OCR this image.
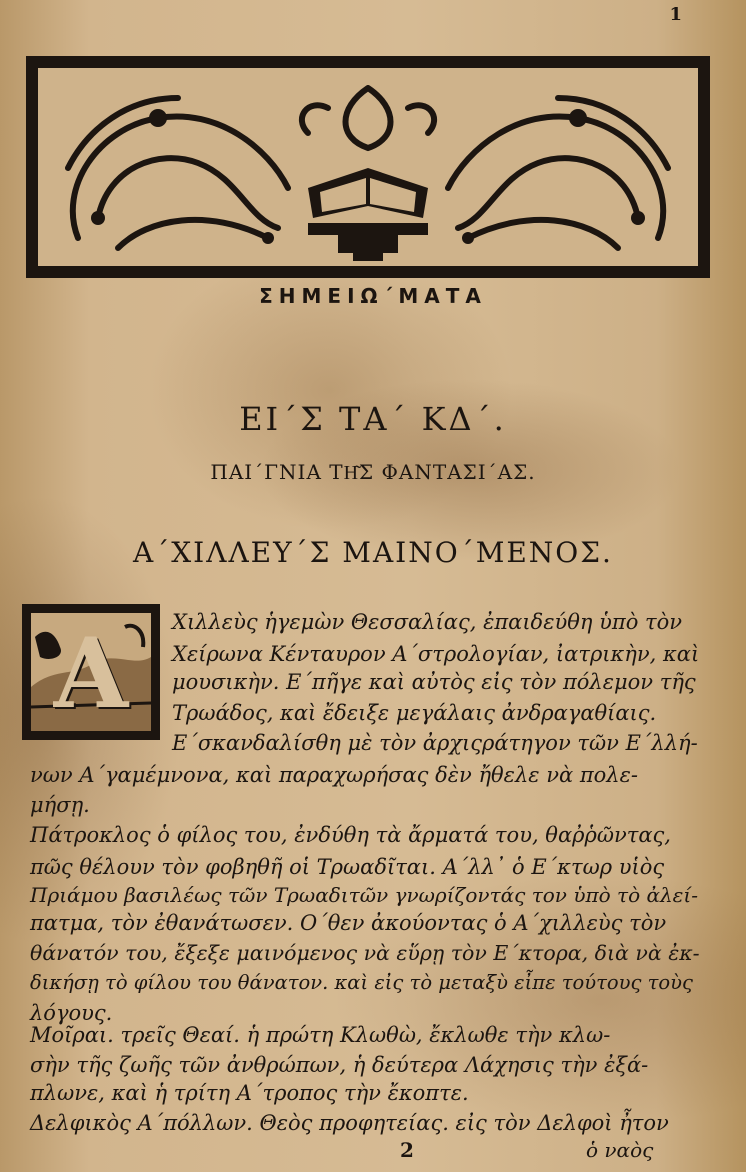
1
ΣΗΜΕΙΩ΄ΜΑΤΑ
ΕΙ΄Σ ΤΑ΄ ΚΔ΄.
ΠΑΙ΄ΓΝΙΑ ΤΗ͂Σ ΦΑΝΤΑΣΙ΄ΑΣ.
Α΄ΧΙΛΛΕΥ΄Σ ΜΑΙΝΟ΄ΜΕΝΟΣ.
A	Χιλλεὺς ἡγεμὼν Θεσσαλίας, ἐπαιδεύθη ὑπὸ τὸν
Χείρωνα Κένταυρον Α΄στρολογίαν, ἰατρικὴν, καὶ
μουσικὴν. Ε΄πῆγε καὶ αὐτὸς εἰς τὸν πόλεμον τῆς
Τρωάδος, καὶ ἔδειξε μεγάλαις ἀνδραγαθίαις.
Ε΄σκανδαλίσθη μὲ τὸν ἀρχιςράτηγον τῶν Ε΄λλή-
νων Α΄γαμέμνονα, καὶ παραχωρήσας δὲν ἤθελε νὰ πολε-
μήσῃ.
Πάτροκλος ὁ φίλος του, ἐνδύθη τὰ ἄρματά του, θαῤῥῶντας,
πῶς θέλουν τὸν φοβηθῆ οἱ Τρωαδῖται. Α΄λλ᾽ ὁ Ε΄κτωρ υἱὸς
Πριάμου βασιλέως τῶν Τρωαδιτῶν γνωρίζοντάς τον ὑπὸ τὸ ἀλεί-
πατμα, τὸν ἐθανάτωσεν. Ο΄θεν ἀκούοντας ὁ Α΄χιλλεὺς τὸν
θάνατόν του, ἔξεξε μαινόμενος νὰ εὕρῃ τὸν Ε΄κτορα, διὰ νὰ ἐκ-
δικήσῃ τὸ φίλου του θάνατον. καὶ εἰς τὸ μεταξὺ εἶπε τούτους τοὺς
λόγους.
Μοῖραι. τρεῖς Θεαί. ἡ πρώτη Κλωθὼ, ἔκλωθε τὴν κλω-
σὴν τῆς ζωῆς τῶν ἀνθρώπων, ἡ δεύτερα Λάχησις τὴν ἐξά-
πλωνε, καὶ ἡ τρίτη Α΄τροπος τὴν ἔκοπτε.
Δελφικὸς Α΄πόλλων. Θεὸς προφητείας. εἰς τὸν Δελφοὶ ἦτον
2	ὁ ναὸς
